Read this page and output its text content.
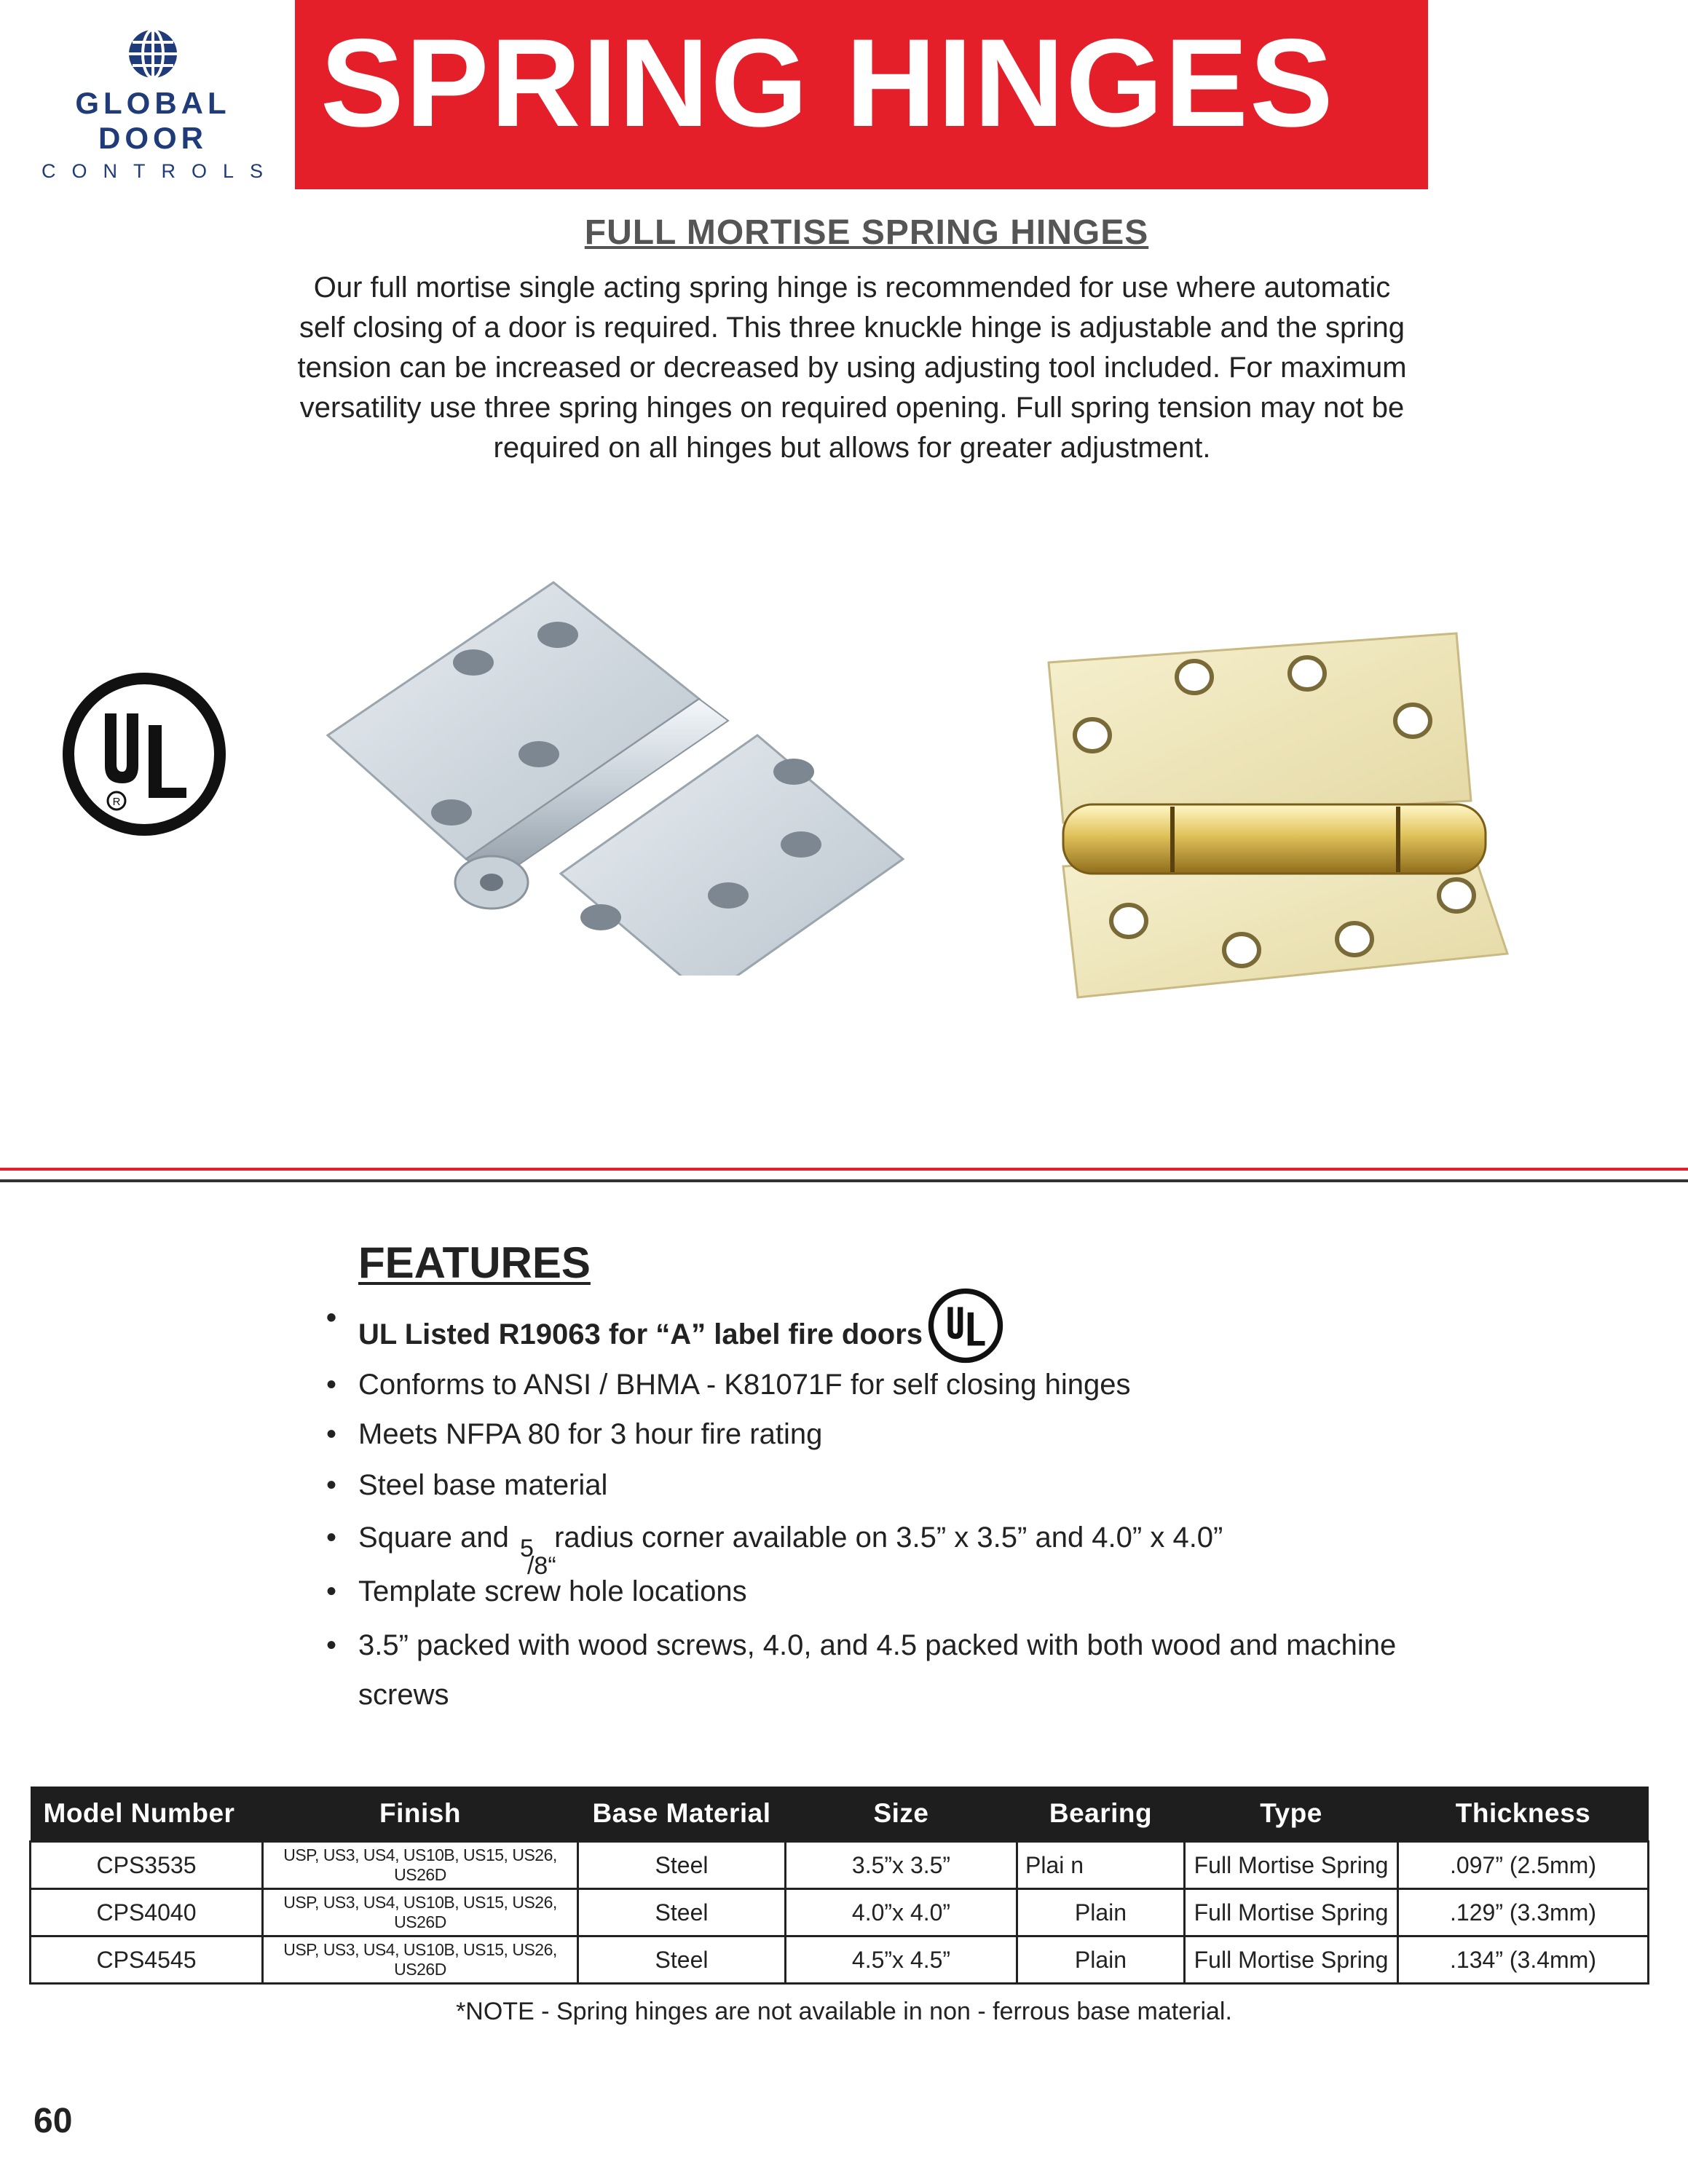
GLOBAL DOOR
CONTROLS
SPRING HINGES
FULL MORTISE SPRING HINGES
Our full mortise single acting spring hinge is recommended for use where automatic self closing of a door is required. This three knuckle hinge is adjustable and the spring tension can be increased or decreased by using adjusting tool included. For maximum versatility use three spring hinges on required opening. Full spring tension may not be required on all hinges but allows for greater adjustment.
R
FEATURES
•
UL Listed R19063 for “A” label fire doors
• Conforms to ANSI / BHMA - K81071F for self closing hinges
• Meets NFPA 80 for 3 hour fire rating
• Steel base material
• Square and 5
/8“
radius corner available on 3.5” x 3.5” and 4.0” x 4.0”
• Template screw hole locations
• 3.5” packed with wood screws, 4.0, and 4.5 packed with both wood and machine screws
Model Number	Finish	Base Material	Size	Bearing	Type	Thickness
CPS3535	USP, US3, US4, US10B, US15, US26, US26D	Steel	3.5”x 3.5”	Plai n	Full Mortise Spring	.097” (2.5mm)
CPS4040	USP, US3, US4, US10B, US15, US26, US26D	Steel	4.0”x 4.0”	Plain	Full Mortise Spring	.129” (3.3mm)
CPS4545	USP, US3, US4, US10B, US15, US26, US26D	Steel	4.5”x 4.5”	Plain	Full Mortise Spring	.134” (3.4mm)
*NOTE - Spring hinges are not available in non - ferrous base material.
60
